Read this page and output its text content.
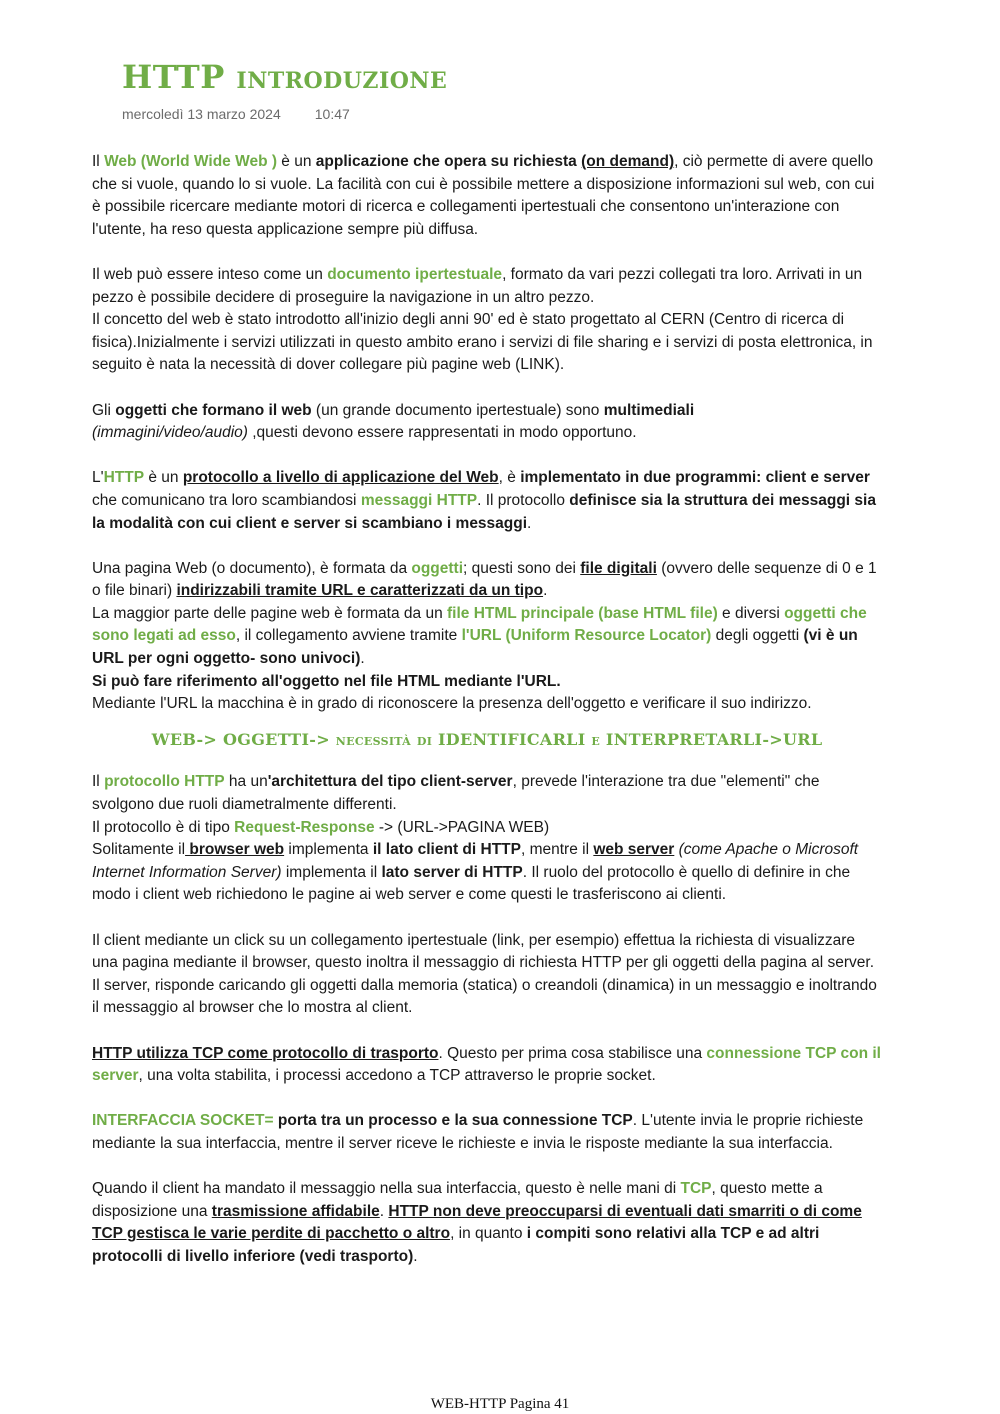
HTTP introduzione
mercoledì 13 marzo 2024 10:47

Il Web (World Wide Web ) è un applicazione che opera su richiesta (on demand), ciò permette di avere quello che si vuole, quando lo si vuole. La facilità con cui è possibile mettere a disposizione informazioni sul web, con cui è possibile ricercare mediante motori di ricerca e collegamenti ipertestuali che consentono un'interazione con l'utente, ha reso questa applicazione sempre più diffusa.

Il web può essere inteso come un documento ipertestuale, formato da vari pezzi collegati tra loro. Arrivati in un pezzo è possibile decidere di proseguire la navigazione in un altro pezzo.
Il concetto del web è stato introdotto all'inizio degli anni 90' ed è stato progettato al CERN (Centro di ricerca di fisica).Inizialmente i servizi utilizzati in questo ambito erano i servizi di file sharing e i servizi di posta elettronica, in seguito è nata la necessità di dover collegare più pagine web (LINK).

Gli oggetti che formano il web (un grande documento ipertestuale) sono multimediali
(immagini/video/audio) ,questi devono essere rappresentati in modo opportuno.

L'HTTP è un protocollo a livello di applicazione del Web, è implementato in due programmi: client e server che comunicano tra loro scambiandosi messaggi HTTP. Il protocollo definisce sia la struttura dei messaggi sia la modalità con cui client e server si scambiano i messaggi.

Una pagina Web (o documento), è formata da oggetti; questi sono dei file digitali (ovvero delle sequenze di 0 e 1 o file binari) indirizzabili tramite URL e caratterizzati da un tipo.
La maggior parte delle pagine web è formata da un file HTML principale (base HTML file) e diversi oggetti che sono legati ad esso, il collegamento avviene tramite l'URL (Uniform Resource Locator) degli oggetti (vi è un URL per ogni oggetto- sono univoci).
Si può fare riferimento all'oggetto nel file HTML mediante l'URL.
Mediante l'URL la macchina è in grado di riconoscere la presenza dell'oggetto e verificare il suo indirizzo.

WEB-> OGGETTI-> necessità di IDENTIFICARLI e INTERPRETARLI->URL

Il protocollo HTTP ha un'architettura del tipo client-server, prevede l'interazione tra due "elementi" che svolgono due ruoli diametralmente differenti.
Il protocollo è di tipo Request-Response -> (URL->PAGINA WEB)
Solitamente il browser web implementa il lato client di HTTP, mentre il web server (come Apache o Microsoft Internet Information Server) implementa il lato server di HTTP. Il ruolo del protocollo è quello di definire in che modo i client web richiedono le pagine ai web server e come questi le trasferiscono ai clienti.

Il client mediante un click su un collegamento ipertestuale (link, per esempio) effettua la richiesta di visualizzare una pagina mediante il browser, questo inoltra il messaggio di richiesta HTTP per gli oggetti della pagina al server. Il server, risponde caricando gli oggetti dalla memoria (statica) o creandoli (dinamica) in un messaggio e inoltrando il messaggio al browser che lo mostra al client.

HTTP utilizza TCP come protocollo di trasporto. Questo per prima cosa stabilisce una connessione TCP con il server, una volta stabilita, i processi accedono a TCP attraverso le proprie socket.

INTERFACCIA SOCKET= porta tra un processo e la sua connessione TCP. L'utente invia le proprie richieste mediante la sua interfaccia, mentre il server riceve le richieste e invia le risposte mediante la sua interfaccia.

Quando il client ha mandato il messaggio nella sua interfaccia, questo è nelle mani di TCP, questo mette a disposizione una trasmissione affidabile. HTTP non deve preoccuparsi di eventuali dati smarriti o di come TCP gestisca le varie perdite di pacchetto o altro, in quanto i compiti sono relativi alla TCP e ad altri protocolli di livello inferiore (vedi trasporto).

WEB-HTTP Pagina 41
